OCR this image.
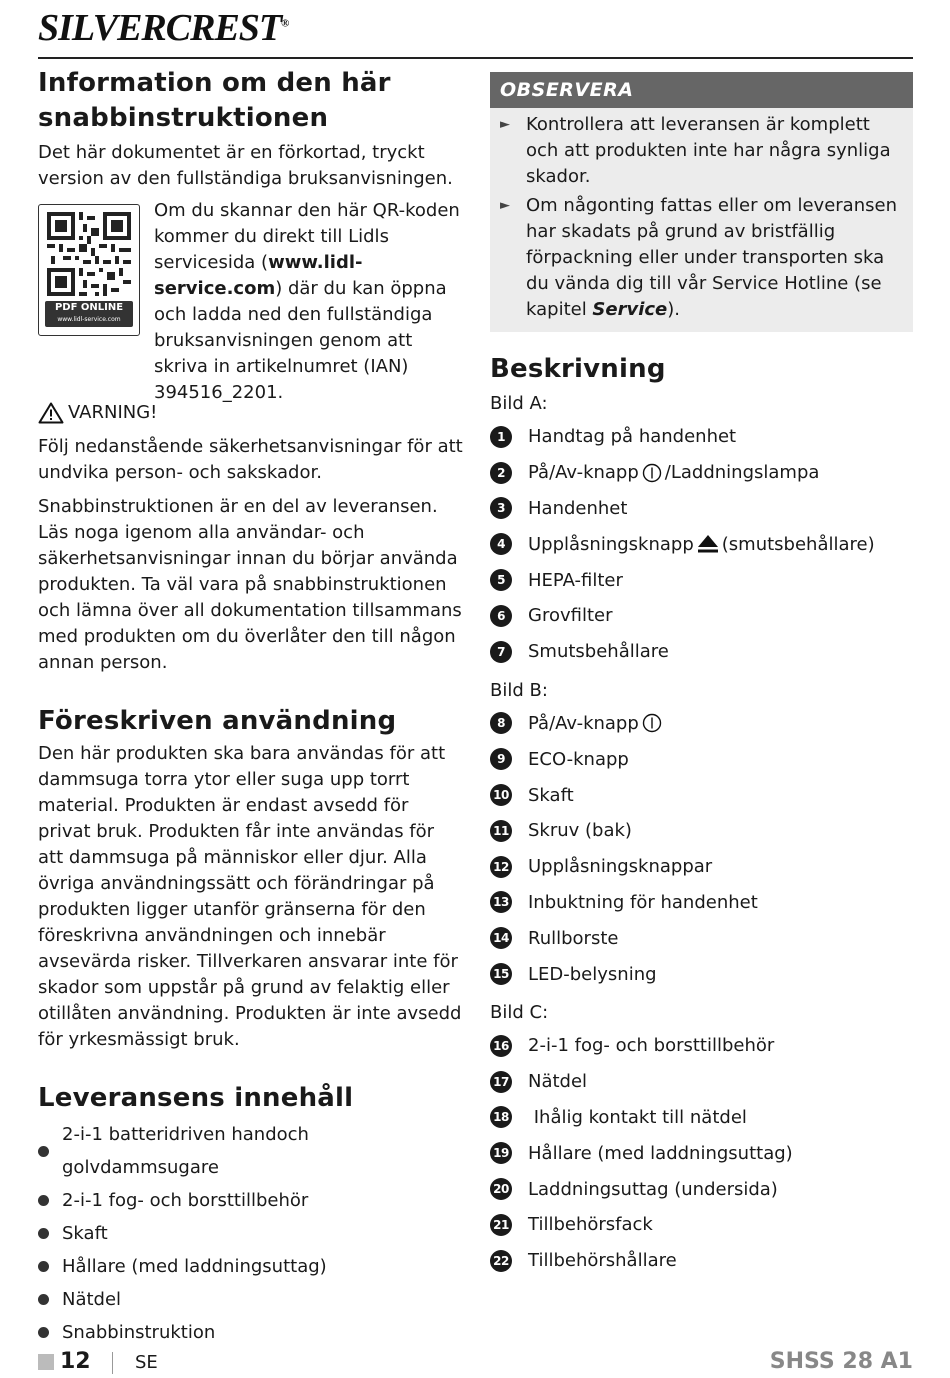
SILVERCREST®
Information om den här snabbinstruktionen

Det här dokumentet är en förkortad, tryckt version av den fullständiga bruksanvisningen.

PDF ONLINE
www.lidl-service.com
Om du skannar den här QR-koden kommer du direkt till Lidls servicesida (www.lidl-service.com) där du kan öppna och ladda ned den fullständiga bruksanvisningen genom att skriva in artikelnumret (IAN) 394516_2201.
VARNING!

Följ nedanstående säkerhetsanvisningar för att undvika person- och sakskador.

Snabbinstruktionen är en del av leveransen. Läs noga igenom alla användar- och säkerhetsanvisningar innan du börjar använda produkten. Ta väl vara på snabbinstruktionen och lämna över all dokumentation tillsammans med produkten om du överlåter den till någon annan person.

Föreskriven användning

Den här produkten ska bara användas för att dammsuga torra ytor eller suga upp torrt material. Produkten är endast avsedd för privat bruk. Produkten får inte användas för att dammsuga på människor eller djur. Alla övriga användningssätt och förändringar på produkten ligger utanför gränserna för den föreskrivna användningen och innebär avsevärda risker. Tillverkaren ansvarar inte för skador som uppstår på grund av felaktig eller otillåten användning. Produkten är inte avsedd för yrkesmässigt bruk.

Leveransens innehåll
2-i-1 batteridriven handoch golvdammsugare
2-i-1 fog- och borsttillbehör
Skaft
Hållare (med laddningsuttag)
Nätdel
Snabbinstruktion
OBSERVERA
► Kontrollera att leveransen är komplett och att produkten inte har några synliga skador.
► Om någonting fattas eller om leveransen har skadats på grund av bristfällig förpackning eller under transporten ska du vända dig till vår Service Hotline (se kapitel Service).
Beskrivning
Bild A:
1	Handtag på handenhet
2	På/Av-knapp /Laddningslampa
3	Handenhet
4	Upplåsningsknapp (smutsbehållare)
5	HEPA-filter
6	Grovfilter
7	Smutsbehållare
Bild B:
8	På/Av-knapp
9	ECO-knapp
10 Skaft
11 Skruv (bak)
12 Upplåsningsknappar
13 Inbuktning för handenhet
14 Rullborste
15 LED-belysning
Bild C:
16 2-i-1 fog- och borsttillbehör
17 Nätdel
18 Ihålig kontakt till nätdel
19 Hållare (med laddningsuttag)
20 Laddningsuttag (undersida)
21 Tillbehörsfack
22 Tillbehörshållare
12 SE	SHSS 28 A1
